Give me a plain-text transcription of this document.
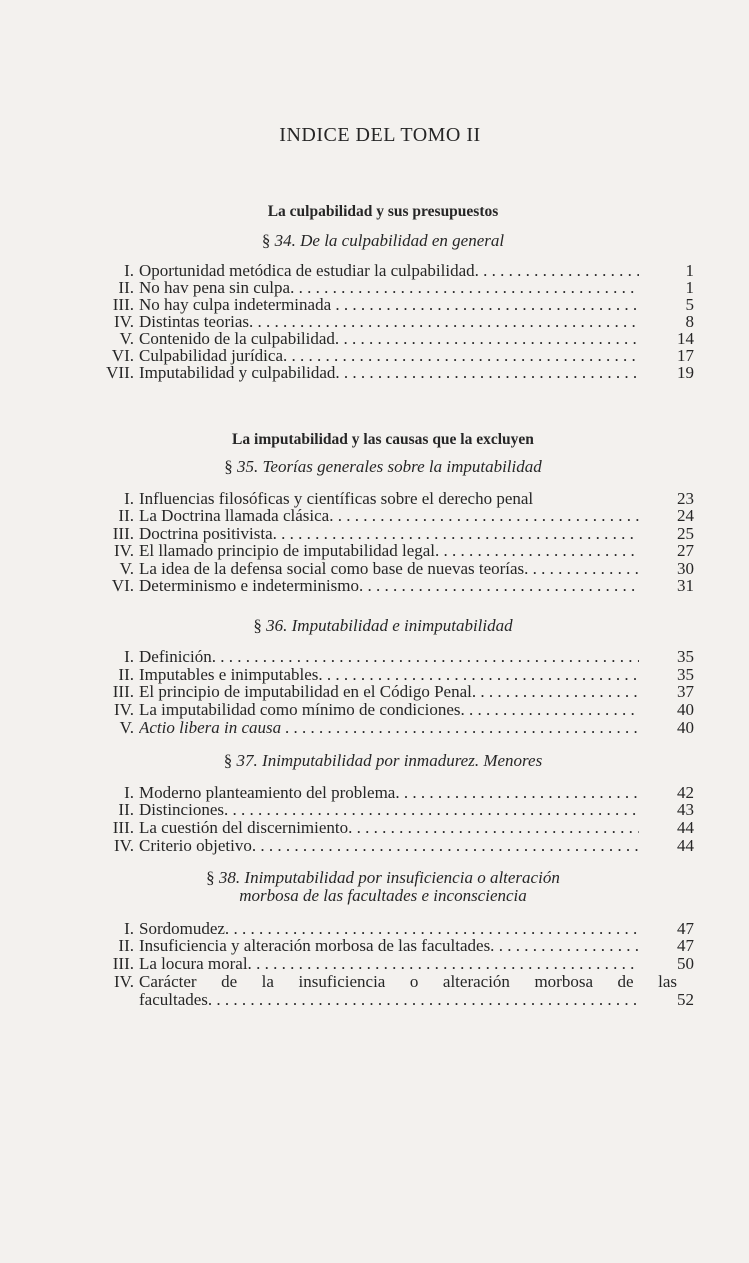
INDICE DEL TOMO II
La culpabilidad y sus presupuestos
La imputabilidad y las causas que la excluyen
§ 34. De la culpabilidad en general
I. Oportunidad metódica de estudiar la culpabilidad. . . .	1
II. No hav pena sin culpa. . . .	1
III. No hay culpa indeterminada . . .	5
IV. Distintas teorias. . . .	8
V. Contenido de la culpabilidad. . . .	14
VI. Culpabilidad jurídica. . . .	17
VII. Imputabilidad y culpabilidad. . . .	19
§ 35. Teorías generales sobre la imputabilidad
I. Influencias filosóficas y científicas sobre el derecho penal	23
II. La Doctrina llamada clásica. . . .	24
III. Doctrina positivista. . . .	25
IV. El llamado principio de imputabilidad legal. . . .	27
V. La idea de la defensa social como base de nuevas teorías. . . .	30
VI. Determinismo e indeterminismo. . . .	31
§ 36. Imputabilidad e inimputabilidad
I. Definición. . . .	35
II. Imputables e inimputables. . . .	35
III. El principio de imputabilidad en el Código Penal. . . .	37
IV. La imputabilidad como mínimo de condiciones. . . .	40
V. Actio libera in causa . . .	40
§ 37. Inimputabilidad por inmadurez. Menores
I. Moderno planteamiento del problema. . . .	42
II. Distinciones. . . .	43
III. La cuestión del discernimiento. . . .	44
IV. Criterio objetivo. . . .	44
§ 38. Inimputabilidad por insuficiencia o alteración
morbosa de las facultades e inconsciencia
I. Sordomudez. . . .	47
II. Insuficiencia y alteración morbosa de las facultades. . . .	47
III. La locura moral. . . .	50
IV. Carácter de la insuficiencia o alteración morbosa de las
facultades. . . .	52
